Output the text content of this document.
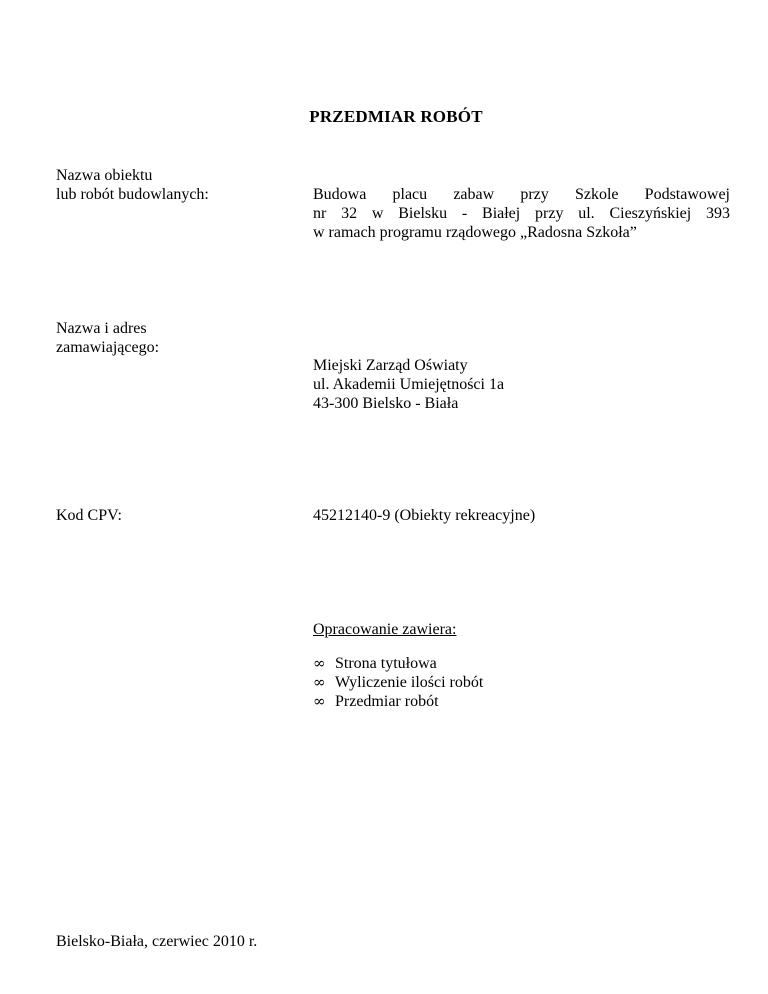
PRZEDMIAR ROBÓT
Nazwa obiektu
lub robót budowlanych:	Budowa placu zabaw przy Szkole Podstawowej
nr 32 w Bielsku - Białej przy ul. Cieszyńskiej 393
w ramach programu rządowego „Radosna Szkoła”
Nazwa i adres
zamawiającego:
Miejski Zarząd Oświaty
ul. Akademii Umiejętności 1a
43-300 Bielsko - Biała
Kod CPV:	45212140-9 (Obiekty rekreacyjne)
Opracowanie zawiera:
∞ Strona tytułowa
∞ Wyliczenie ilości robót
∞ Przedmiar robót
Bielsko-Biała, czerwiec 2010 r.
